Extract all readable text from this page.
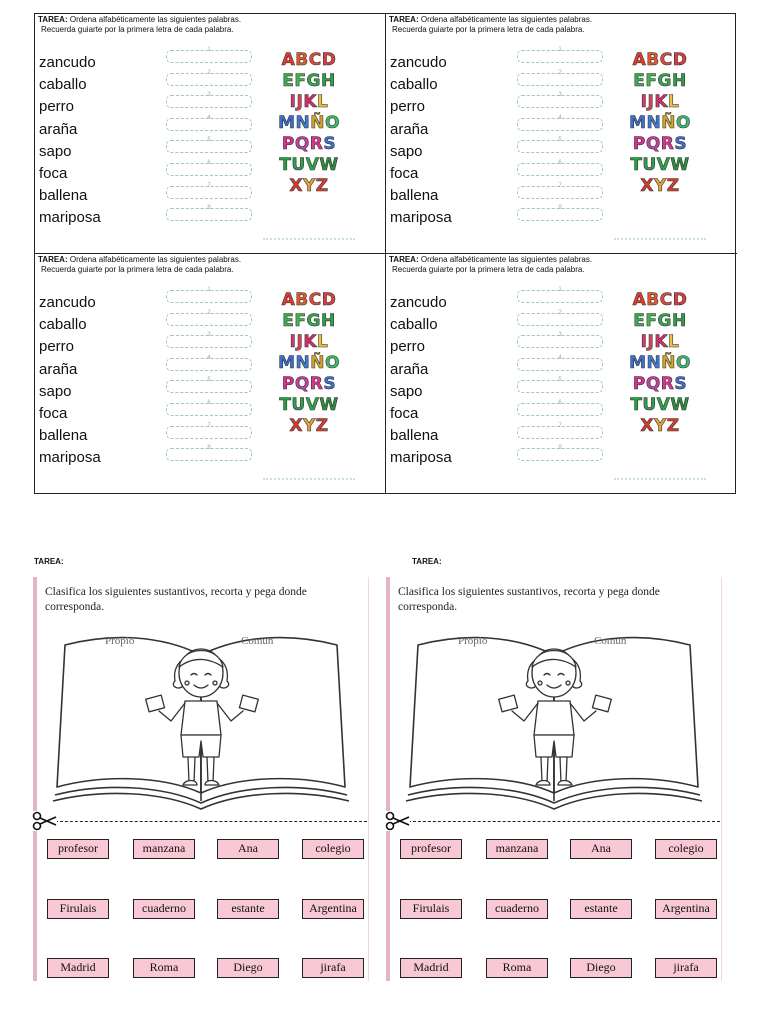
TAREA: Ordena alfabéticamente las siguientes palabras.
Recuerda guiarte por la primera letra de cada palabra.
zancudo
caballo
perro
araña
sapo
foca
ballena
mariposa
1
2
3
4
5
6
7
8
ABCD
EFGH
IJKL
MNÑO
PQRS
TUVW
XYZ
TAREA: Ordena alfabéticamente las siguientes palabras.
Recuerda guiarte por la primera letra de cada palabra.
zancudo
caballo
perro
araña
sapo
foca
ballena
mariposa
1
2
3
4
5
6
7
8
ABCD
EFGH
IJKL
MNÑO
PQRS
TUVW
XYZ
TAREA: Ordena alfabéticamente las siguientes palabras.
Recuerda guiarte por la primera letra de cada palabra.
zancudo
caballo
perro
araña
sapo
foca
ballena
mariposa
1
2
3
4
5
6
7
8
ABCD
EFGH
IJKL
MNÑO
PQRS
TUVW
XYZ
TAREA: Ordena alfabéticamente las siguientes palabras.
Recuerda guiarte por la primera letra de cada palabra.
zancudo
caballo
perro
araña
sapo
foca
ballena
mariposa
1
2
3
4
5
6
7
8
ABCD
EFGH
IJKL
MNÑO
PQRS
TUVW
XYZ
TAREA:	TAREA:
Clasifica los siguientes sustantivos, recorta y pega donde corresponda.
Propio	Común
profesor	manzana	Ana	colegio
Firulais	cuaderno	estante	Argentina
Madrid	Roma	Diego	jirafa
Clasifica los siguientes sustantivos, recorta y pega donde corresponda.
Propio	Común
profesor	manzana	Ana	colegio
Firulais	cuaderno	estante	Argentina
Madrid	Roma	Diego	jirafa
